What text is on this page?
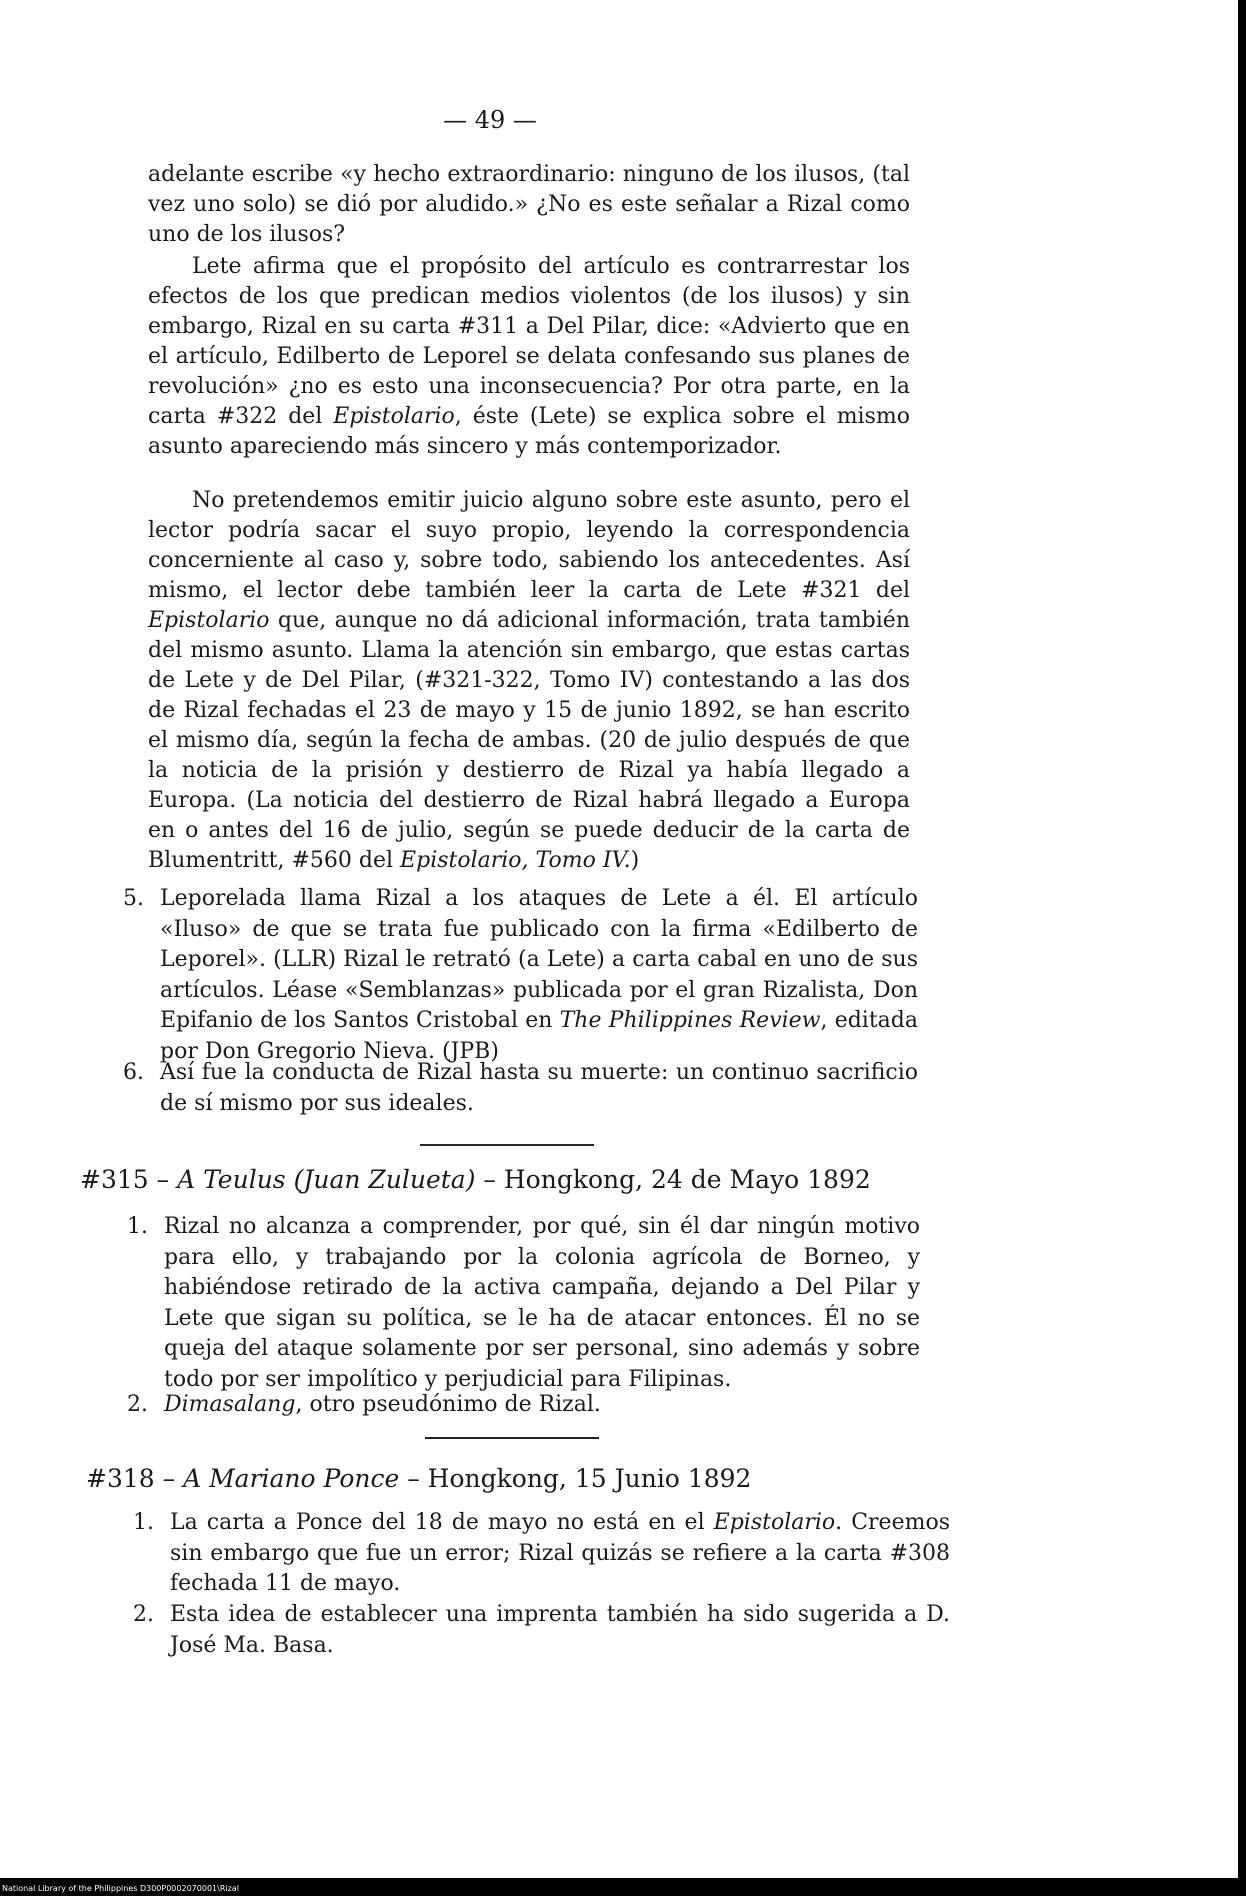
— 49 —

adelante escribe «y hecho extraordinario: ninguno de los ilusos, (tal vez uno solo) se dió por aludido.» ¿No es este señalar a Rizal como uno de los ilusos?

Lete afirma que el propósito del artículo es contrarrestar los efectos de los que predican medios violentos (de los ilusos) y sin embargo, Rizal en su carta #311 a Del Pilar, dice: «Advierto que en el artículo, Edilberto de Leporel se delata confesando sus planes de revolución» ¿no es esto una inconsecuencia? Por otra parte, en la carta #322 del Epistolario, éste (Lete) se explica sobre el mismo asunto apareciendo más sincero y más contemporizador.

No pretendemos emitir juicio alguno sobre este asunto, pero el lector podría sacar el suyo propio, leyendo la correspondencia concerniente al caso y, sobre todo, sabiendo los antecedentes. Así mismo, el lector debe también leer la carta de Lete #321 del Epistolario que, aunque no dá adicional información, trata también del mismo asunto. Llama la atención sin embargo, que estas cartas de Lete y de Del Pilar, (#321-322, Tomo IV) contestando a las dos de Rizal fechadas el 23 de mayo y 15 de junio 1892, se han escrito el mismo día, según la fecha de ambas. (20 de julio después de que la noticia de la prisión y destierro de Rizal ya había llegado a Europa. (La noticia del destierro de Rizal habrá llegado a Europa en o antes del 16 de julio, según se puede deducir de la carta de Blumentritt, #560 del Epistolario, Tomo IV.)

5. Leporelada llama Rizal a los ataques de Lete a él. El artículo «Iluso» de que se trata fue publicado con la firma «Edilberto de Leporel». (LLR) Rizal le retrató (a Lete) a carta cabal en uno de sus artículos. Léase «Semblanzas» publicada por el gran Rizalista, Don Epifanio de los Santos Cristobal en The Philippines Review, editada por Don Gregorio Nieva. (JPB)
6. Así fue la conducta de Rizal hasta su muerte: un continuo sacrificio de sí mismo por sus ideales.
#315 – A Teulus (Juan Zulueta) – Hongkong, 24 de Mayo 1892
1. Rizal no alcanza a comprender, por qué, sin él dar ningún motivo para ello, y trabajando por la colonia agrícola de Borneo, y habiéndose retirado de la activa campaña, dejando a Del Pilar y Lete que sigan su política, se le ha de atacar entonces. Él no se queja del ataque solamente por ser personal, sino además y sobre todo por ser impolítico y perjudicial para Filipinas.
2. Dimasalang, otro pseudónimo de Rizal.
#318 – A Mariano Ponce – Hongkong, 15 Junio 1892
1. La carta a Ponce del 18 de mayo no está en el Epistolario. Creemos sin embargo que fue un error; Rizal quizás se refiere a la carta #308 fechada 11 de mayo.
2. Esta idea de establecer una imprenta también ha sido sugerida a D. José Ma. Basa.
National Library of the Philippines D300P0002070001\Rizal
